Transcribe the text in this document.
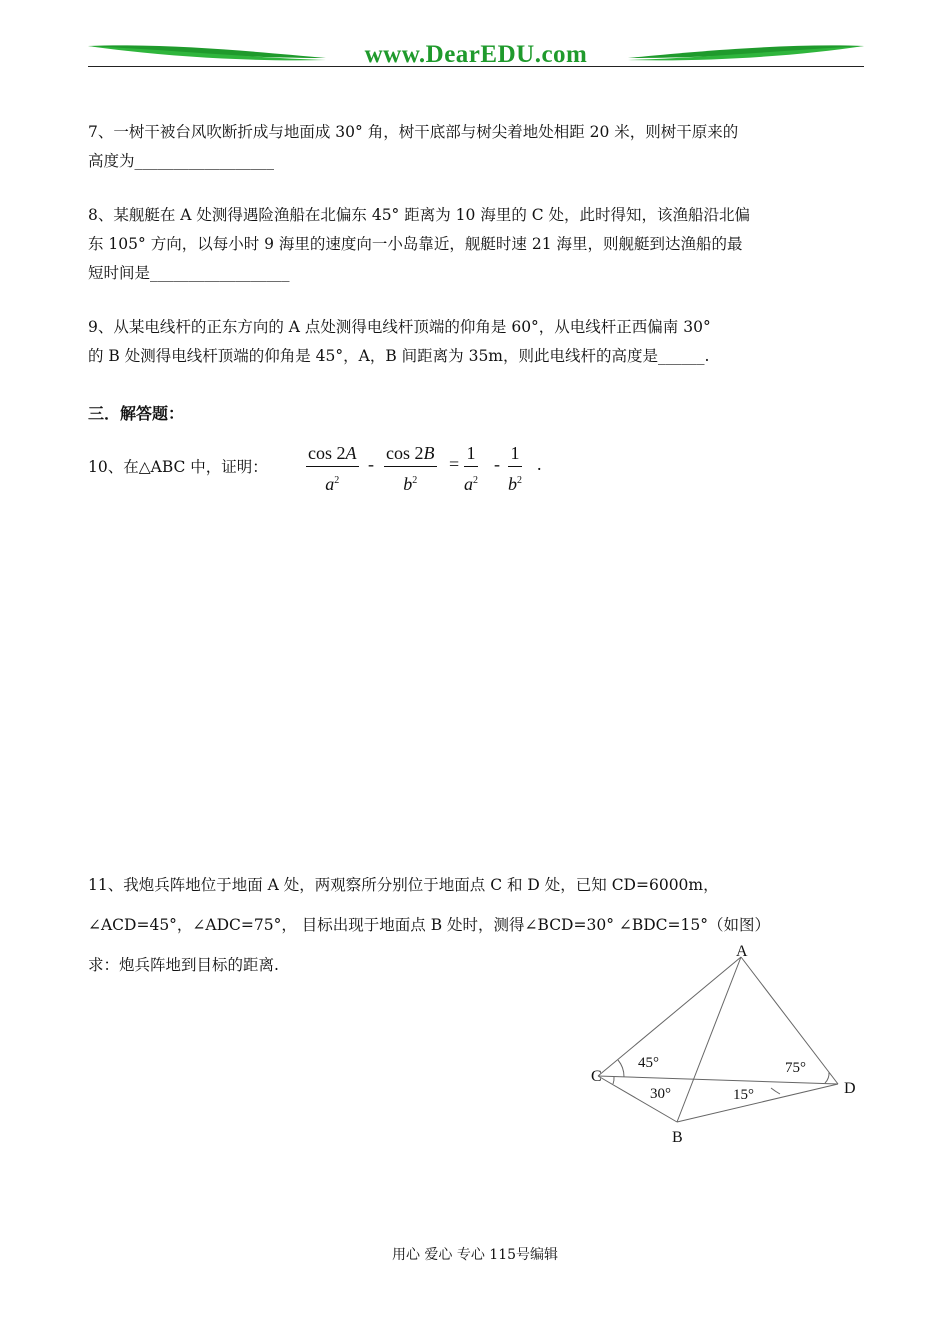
www.DearEDU.com
7、一树干被台风吹断折成与地面成 30° 角，树干底部与树尖着地处相距 20 米，则树干原来的
高度为__________________
8、某舰艇在 A 处测得遇险渔船在北偏东 45° 距离为 10 海里的 C 处，此时得知，该渔船沿北偏
东 105° 方向，以每小时 9 海里的速度向一小岛靠近，舰艇时速 21 海里，则舰艇到达渔船的最
短时间是__________________
9、从某电线杆的正东方向的 A 点处测得电线杆顶端的仰角是 60°，从电线杆正西偏南 30°
的 B 处测得电线杆顶端的仰角是 45°，A，B 间距离为 35m，则此电线杆的高度是______.
三．解答题：
10、在△ABC 中，证明：
cos 2A
$a^2$
-
cos 2B
$b^2$
=
1
$a^2$
-
1
$b^2$
.
11、我炮兵阵地位于地面 A 处，两观察所分别位于地面点 C 和 D 处，已知 CD=6000m，
∠ACD=45°，∠ADC=75°， 目标出现于地面点 B 处时，测得∠BCD=30° ∠BDC=15°（如图）
求：炮兵阵地到目标的距离.
A
C
D
B
45°
30°
75°
15°
用心 爱心 专心 115号编辑
